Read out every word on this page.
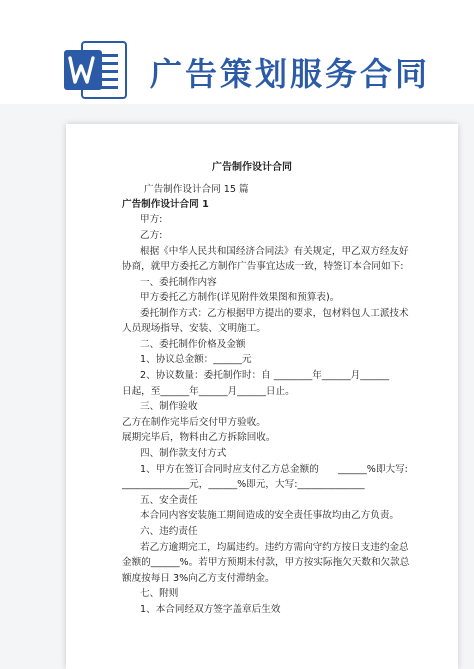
广告策划服务合同
广告制作设计合同
广告制作设计合同 15 篇
广告制作设计合同 1
甲方:
乙方:
根据《中华人民共和国经济合同法》有关规定，甲乙双方经友好
协商，就甲方委托乙方制作广告事宜达成一致，特签订本合同如下:
一、委托制作内容
甲方委托乙方制作(详见附件效果图和预算表)。
委托制作方式：乙方根据甲方提出的要求，包材料包人工派技术
人员现场指导、安装、文明施工。
二、委托制作价格及金额
1、协议总金额：______元
2、协议数量：委托制作时：自 ________年______月______
日起，至______年______月______日止。
三、制作验收
乙方在制作完毕后交付甲方验收。
展期完毕后，物料由乙方拆除回收。
四、制作款支付方式
1、甲方在签订合同时应支付乙方总金额的　　______%即大写:
______________元，______%即元，大写:______________
五、安全责任
本合同内容安装施工期间造成的安全责任事故均由乙方负责。
六、违约责任
若乙方逾期完工，均属违约。违约方需向守约方按日支违约金总
金额的______%。若甲方预期未付款，甲方按实际拖欠天数和欠款总
额度按每日 3%向乙方支付滞纳金。
七、附则
1、本合同经双方签字盖章后生效
